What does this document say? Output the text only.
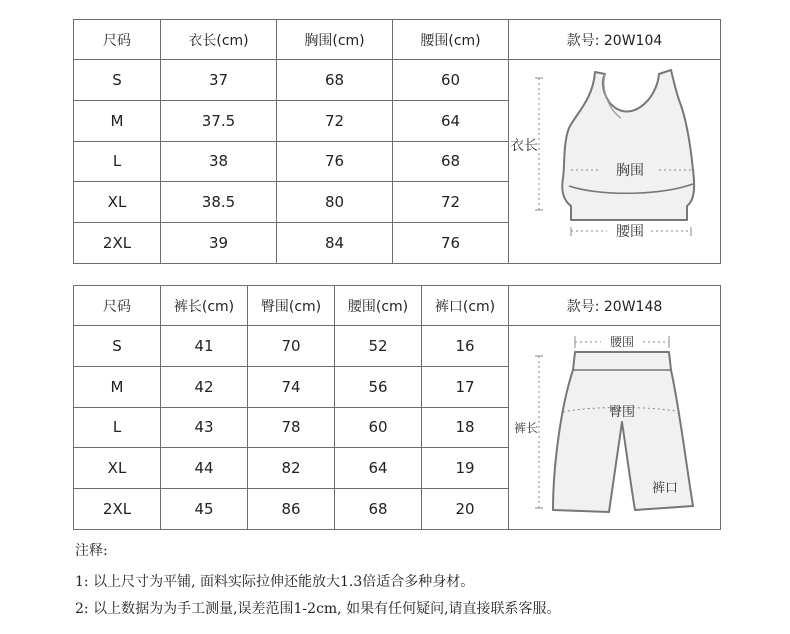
尺码	衣长(cm)	胸围(cm)	腰围(cm)	款号: 20W104
S	37	68	60	衣长
胸围
腰围

M	37.5	72	64	
L	38	76	68	
XL	38.5	80	72	
2XL	39	84	76	
尺码	裤长(cm)	臀围(cm)	腰围(cm)	裤口(cm)	款号: 20W148
S	41	70	52	16	腰围
臀围
裤长
裤口

M	42	74	56	17	
L	43	78	60	18	
XL	44	82	64	19	
2XL	45	86	68	20	
注释:
1: 以上尺寸为平铺, 面料实际拉伸还能放大1.3倍适合多种身材。
2: 以上数据为为手工测量,误差范围1-2cm, 如果有任何疑问,请直接联系客服。
